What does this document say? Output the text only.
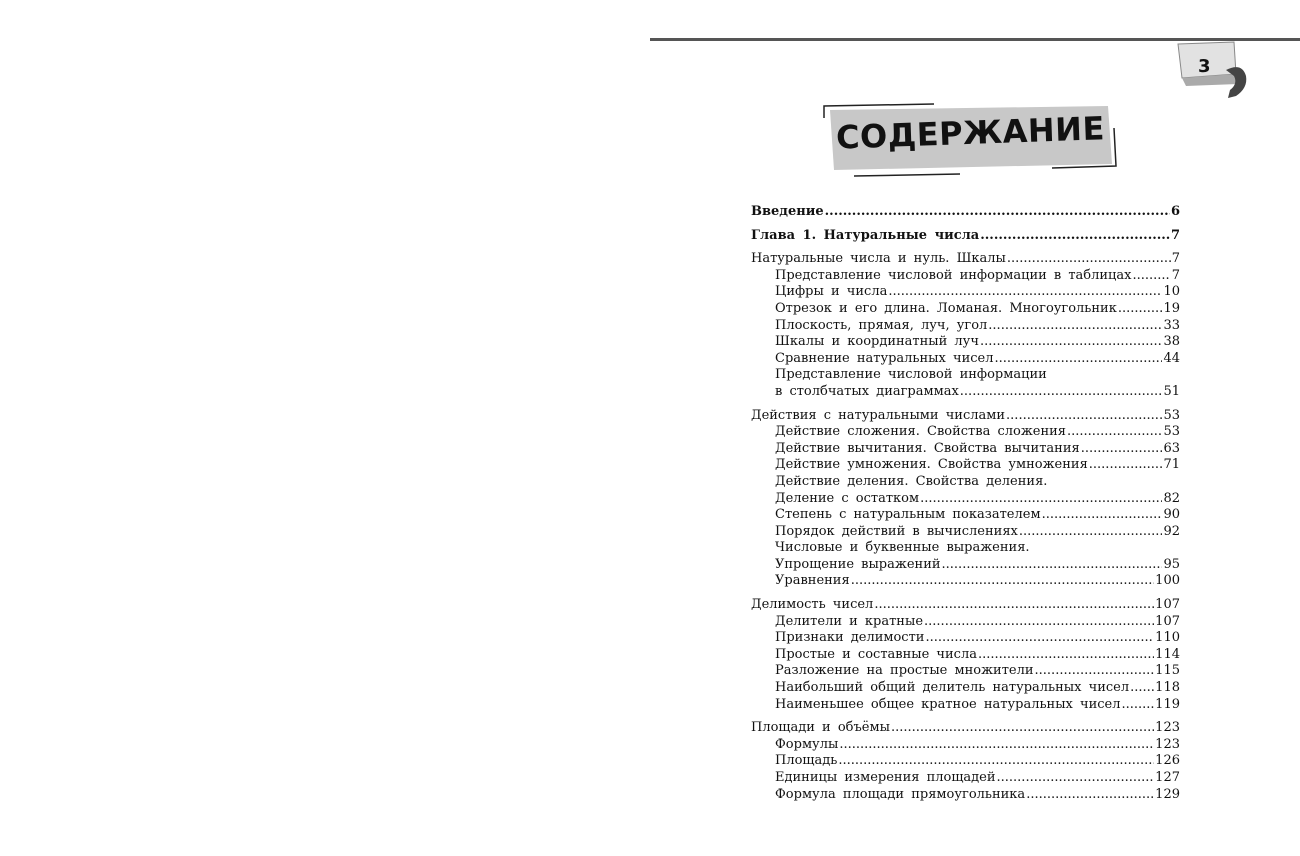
3
СОДЕРЖАНИЕ
Введение .....	6
Глава 1. Натуральные числа .....	7
Натуральные числа и нуль. Шкалы .....	7
Представление числовой информации в таблицах .....	7
Цифры и числа .....	10
Отрезок и его длина. Ломаная. Многоугольник .....	19
Плоскость, прямая, луч, угол .....	33
Шкалы и координатный луч .....	38
Сравнение натуральных чисел .....	44
Представление числовой информации
в столбчатых диаграммах .....	51
Действия с натуральными числами .....	53
Действие сложения. Свойства сложения .....	53
Действие вычитания. Свойства вычитания .....	63
Действие умножения. Свойства умножения .....	71
Действие деления. Свойства деления.
Деление с остатком .....	82
Степень с натуральным показателем .....	90
Порядок действий в вычислениях .....	92
Числовые и буквенные выражения.
Упрощение выражений .....	95
Уравнения .....	100
Делимость чисел .....	107
Делители и кратные .....	107
Признаки делимости .....	110
Простые и составные числа .....	114
Разложение на простые множители .....	115
Наибольший общий делитель натуральных чисел ..... 118
Наименьшее общее кратное натуральных чисел .....	119
Площади и объёмы .....	123
Формулы .....	123
Площадь .....	126
Единицы измерения площадей .....	127
Формула площади прямоугольника .....	129
